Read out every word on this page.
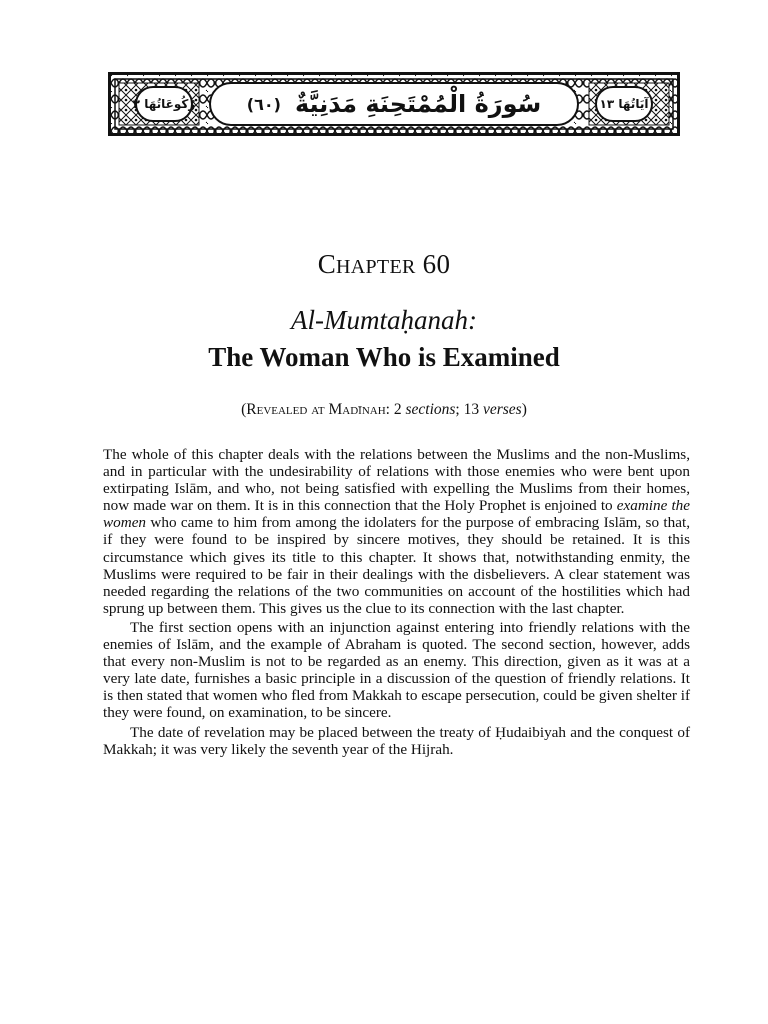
رُكُوعَاتُهَا ٢	سُورَةُ الْمُمْتَحِنَةِ مَدَنِيَّةٌ
(٦٠)	آيَاتُهَا ١٣
CHAPTER 60
Al-Mumtaḥanah:
The Woman Who is Examined
(Revealed at Madīnah: 2 sections; 13 verses)

The whole of this chapter deals with the relations between the Muslims and the non-Muslims, and in particular with the undesirability of relations with those enemies who were bent upon extirpating Islām, and who, not being satisfied with expelling the Muslims from their homes, now made war on them. It is in this connection that the Holy Prophet is enjoined to examine the women who came to him from among the idolaters for the purpose of embracing Islām, so that, if they were found to be inspired by sincere motives, they should be retained. It is this circumstance which gives its title to this chapter. It shows that, notwithstanding enmity, the Muslims were required to be fair in their dealings with the disbelievers. A clear statement was needed regarding the relations of the two communities on account of the hostilities which had sprung up between them. This gives us the clue to its connection with the last chapter.

The first section opens with an injunction against entering into friendly relations with the enemies of Islām, and the example of Abraham is quoted. The second section, however, adds that every non-Muslim is not to be regarded as an enemy. This direction, given as it was at a very late date, furnishes a basic principle in a discussion of the question of friendly relations. It is then stated that women who fled from Makkah to escape persecution, could be given shelter if they were found, on examination, to be sincere.

The date of revelation may be placed between the treaty of Ḥudaibiyah and the conquest of Makkah; it was very likely the seventh year of the Hijrah.
